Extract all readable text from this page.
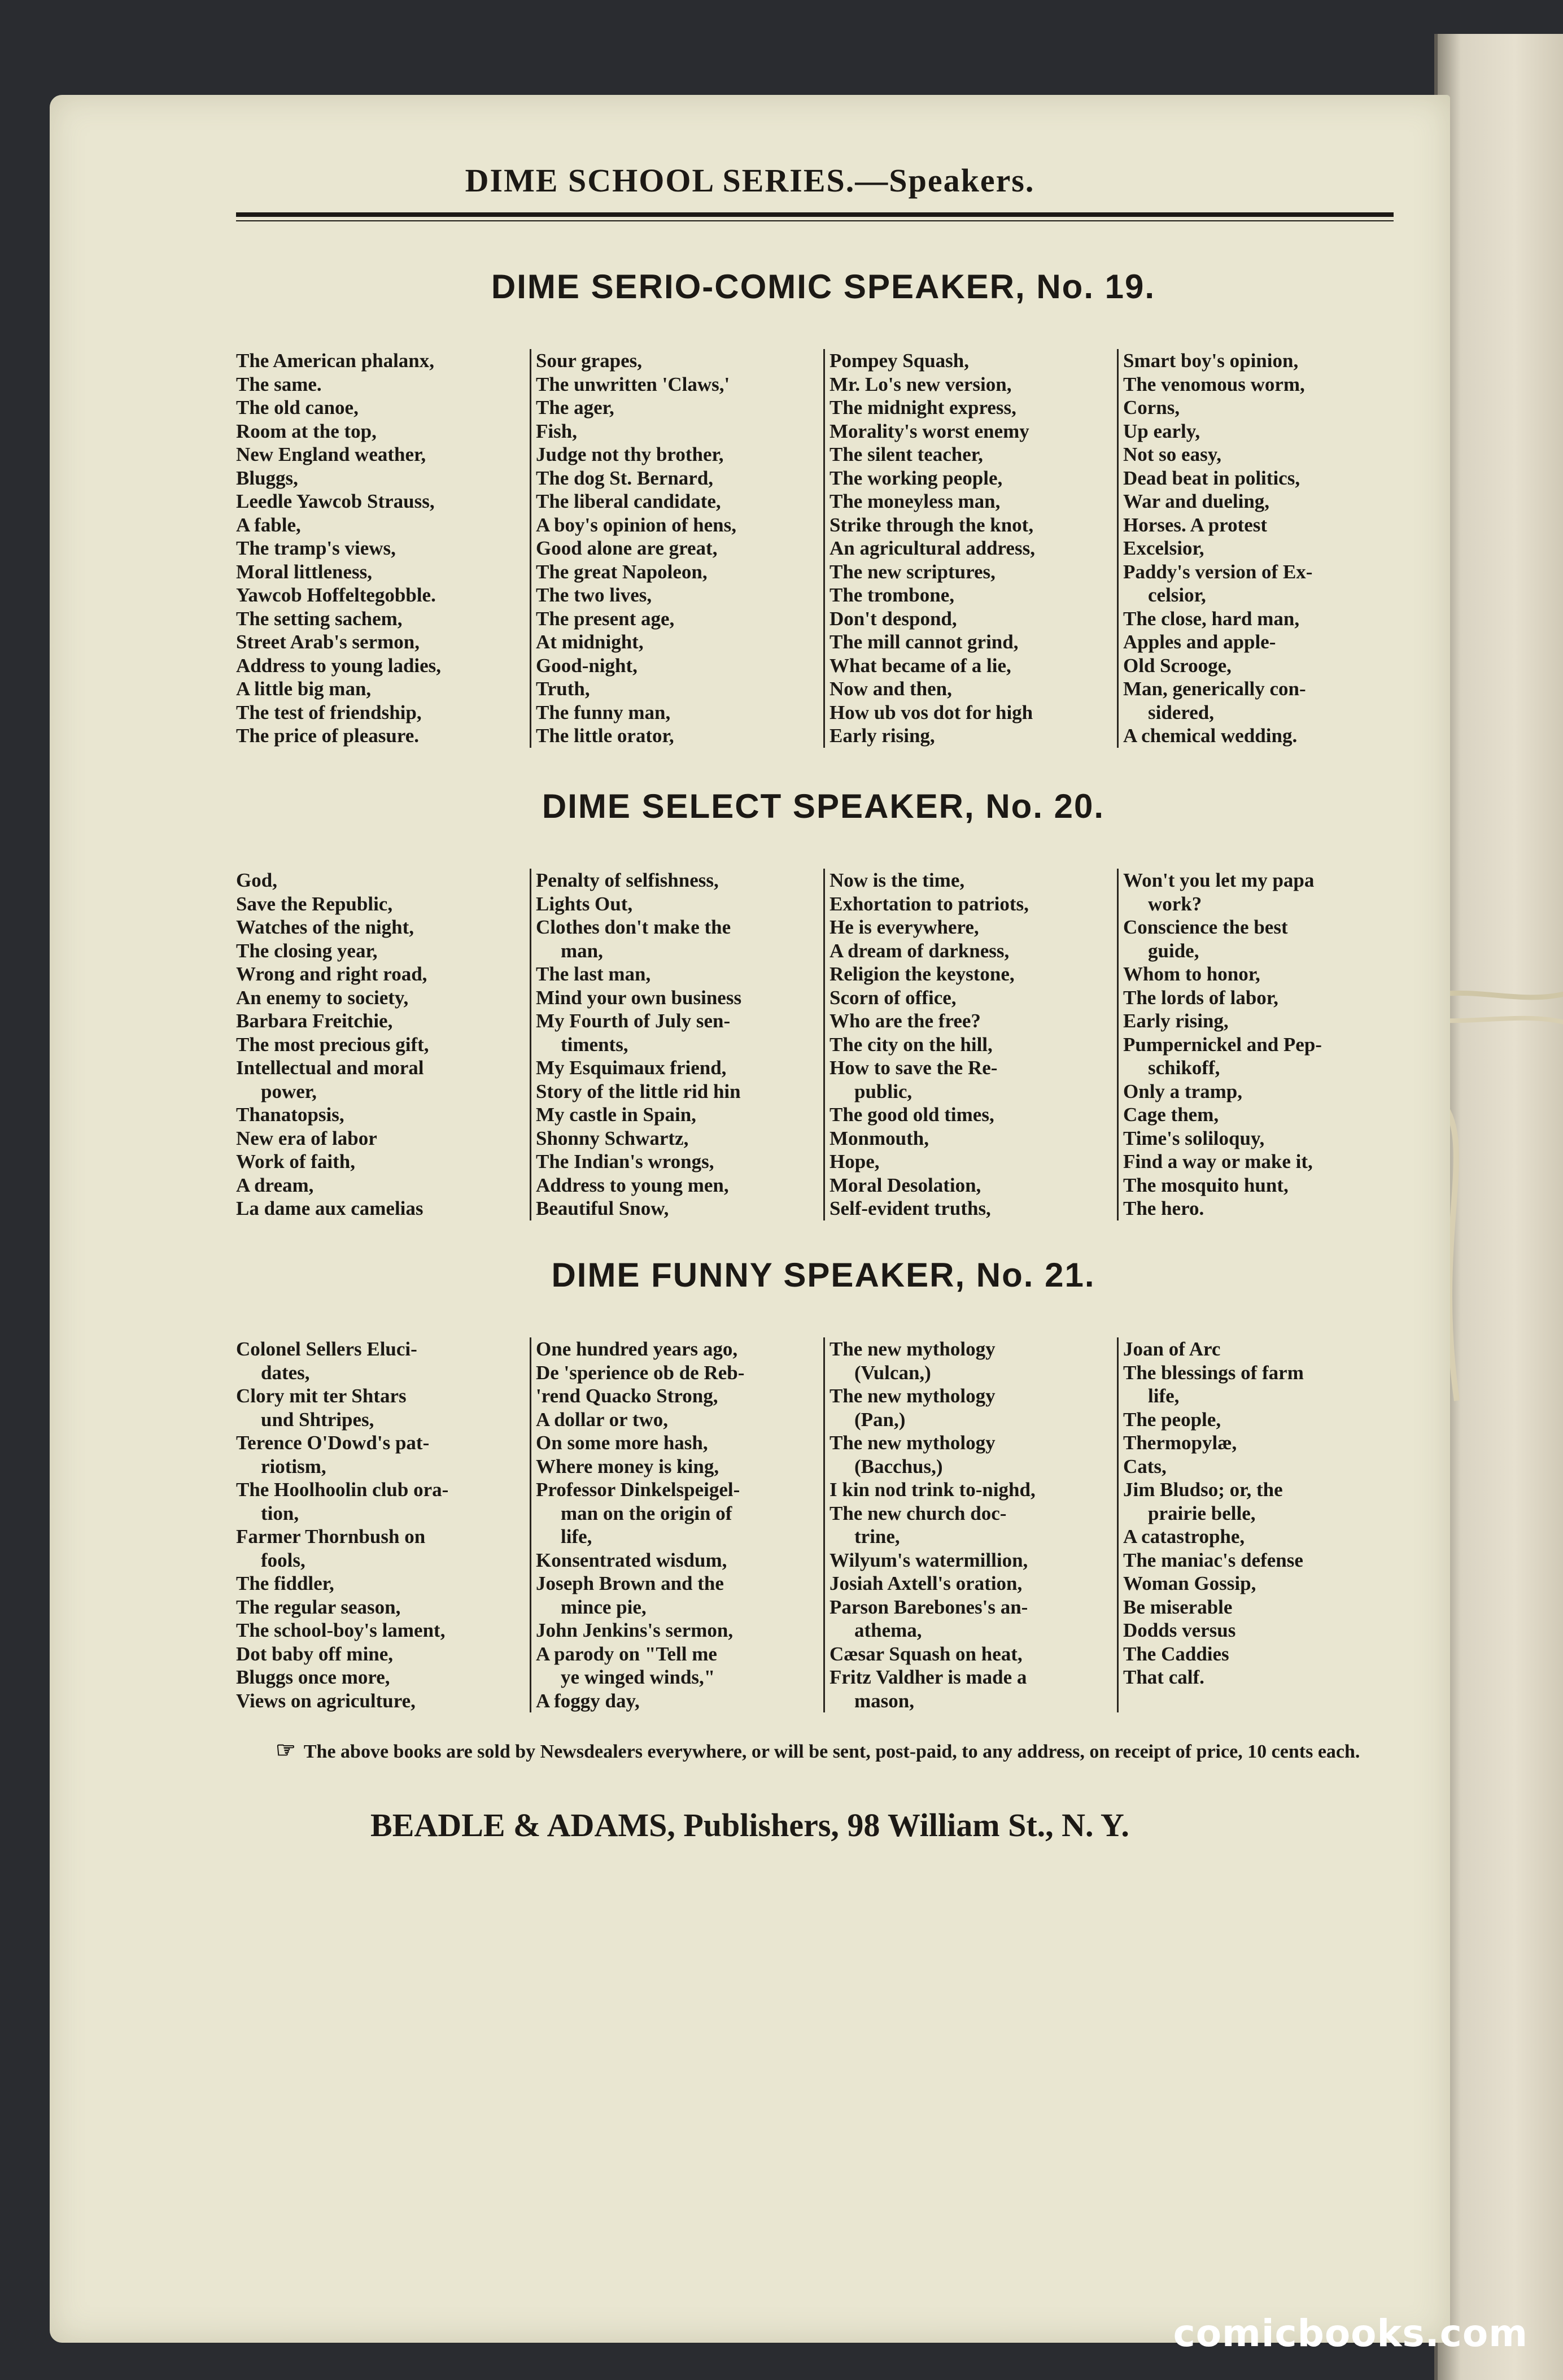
DIME SCHOOL SERIES.—Speakers.
DIME SERIO-COMIC SPEAKER, No. 19.
The American phalanx,
The same.
The old canoe,
Room at the top,
New England weather,
Bluggs,
Leedle Yawcob Strauss,
A fable,
The tramp's views,
Moral littleness,
Yawcob Hoffeltegobble.
The setting sachem,
Street Arab's sermon,
Address to young ladies,
A little big man,
The test of friendship,
The price of pleasure.
Sour grapes,
The unwritten 'Claws,'
The ager,
Fish,
Judge not thy brother,
The dog St. Bernard,
The liberal candidate,
A boy's opinion of hens,
Good alone are great,
The great Napoleon,
The two lives,
The present age,
At midnight,
Good-night,
Truth,
The funny man,
The little orator,
Pompey Squash,
Mr. Lo's new version,
The midnight express,
Morality's worst enemy
The silent teacher,
The working people,
The moneyless man,
Strike through the knot,
An agricultural address,
The new scriptures,
The trombone,
Don't despond,
The mill cannot grind,
What became of a lie,
Now and then,
How ub vos dot for high
Early rising,
Smart boy's opinion,
The venomous worm,
Corns,
Up early,
Not so easy,
Dead beat in politics,
War and dueling,
Horses. A protest
Excelsior,
Paddy's version of Ex-
celsior,
The close, hard man,
Apples and apple-
Old Scrooge,
Man, generically con-
sidered,
A chemical wedding.
DIME SELECT SPEAKER, No. 20.
God,
Save the Republic,
Watches of the night,
The closing year,
Wrong and right road,
An enemy to society,
Barbara Freitchie,
The most precious gift,
Intellectual and moral
power,
Thanatopsis,
New era of labor
Work of faith,
A dream,
La dame aux camelias
Penalty of selfishness,
Lights Out,
Clothes don't make the
man,
The last man,
Mind your own business
My Fourth of July sen-
timents,
My Esquimaux friend,
Story of the little rid hin
My castle in Spain,
Shonny Schwartz,
The Indian's wrongs,
Address to young men,
Beautiful Snow,
Now is the time,
Exhortation to patriots,
He is everywhere,
A dream of darkness,
Religion the keystone,
Scorn of office,
Who are the free?
The city on the hill,
How to save the Re-
public,
The good old times,
Monmouth,
Hope,
Moral Desolation,
Self-evident truths,
Won't you let my papa
work?
Conscience the best
guide,
Whom to honor,
The lords of labor,
Early rising,
Pumpernickel and Pep-
schikoff,
Only a tramp,
Cage them,
Time's soliloquy,
Find a way or make it,
The mosquito hunt,
The hero.
DIME FUNNY SPEAKER, No. 21.
Colonel Sellers Eluci-
dates,
Clory mit ter Shtars
und Shtripes,
Terence O'Dowd's pat-
riotism,
The Hoolhoolin club ora-
tion,
Farmer Thornbush on
fools,
The fiddler,
The regular season,
The school-boy's lament,
Dot baby off mine,
Bluggs once more,
Views on agriculture,
One hundred years ago,
De 'sperience ob de Reb-
'rend Quacko Strong,
A dollar or two,
On some more hash,
Where money is king,
Professor Dinkelspeigel-
man on the origin of
life,
Konsentrated wisdum,
Joseph Brown and the
mince pie,
John Jenkins's sermon,
A parody on "Tell me
ye winged winds,"
A foggy day,
The new mythology
(Vulcan,)
The new mythology
(Pan,)
The new mythology
(Bacchus,)
I kin nod trink to-nighd,
The new church doc-
trine,
Wilyum's watermillion,
Josiah Axtell's oration,
Parson Barebones's an-
athema,
Cæsar Squash on heat,
Fritz Valdher is made a
mason,
Joan of Arc
The blessings of farm
life,
The people,
Thermopylæ,
Cats,
Jim Bludso; or, the
prairie belle,
A catastrophe,
The maniac's defense
Woman Gossip,
Be miserable
Dodds versus
The Caddies
That calf.
☞ The above books are sold by Newsdealers everywhere, or will be sent, post-paid, to any address, on receipt of price, 10 cents each.
BEADLE & ADAMS, Publishers, 98 William St., N. Y.
comicbooks.com
